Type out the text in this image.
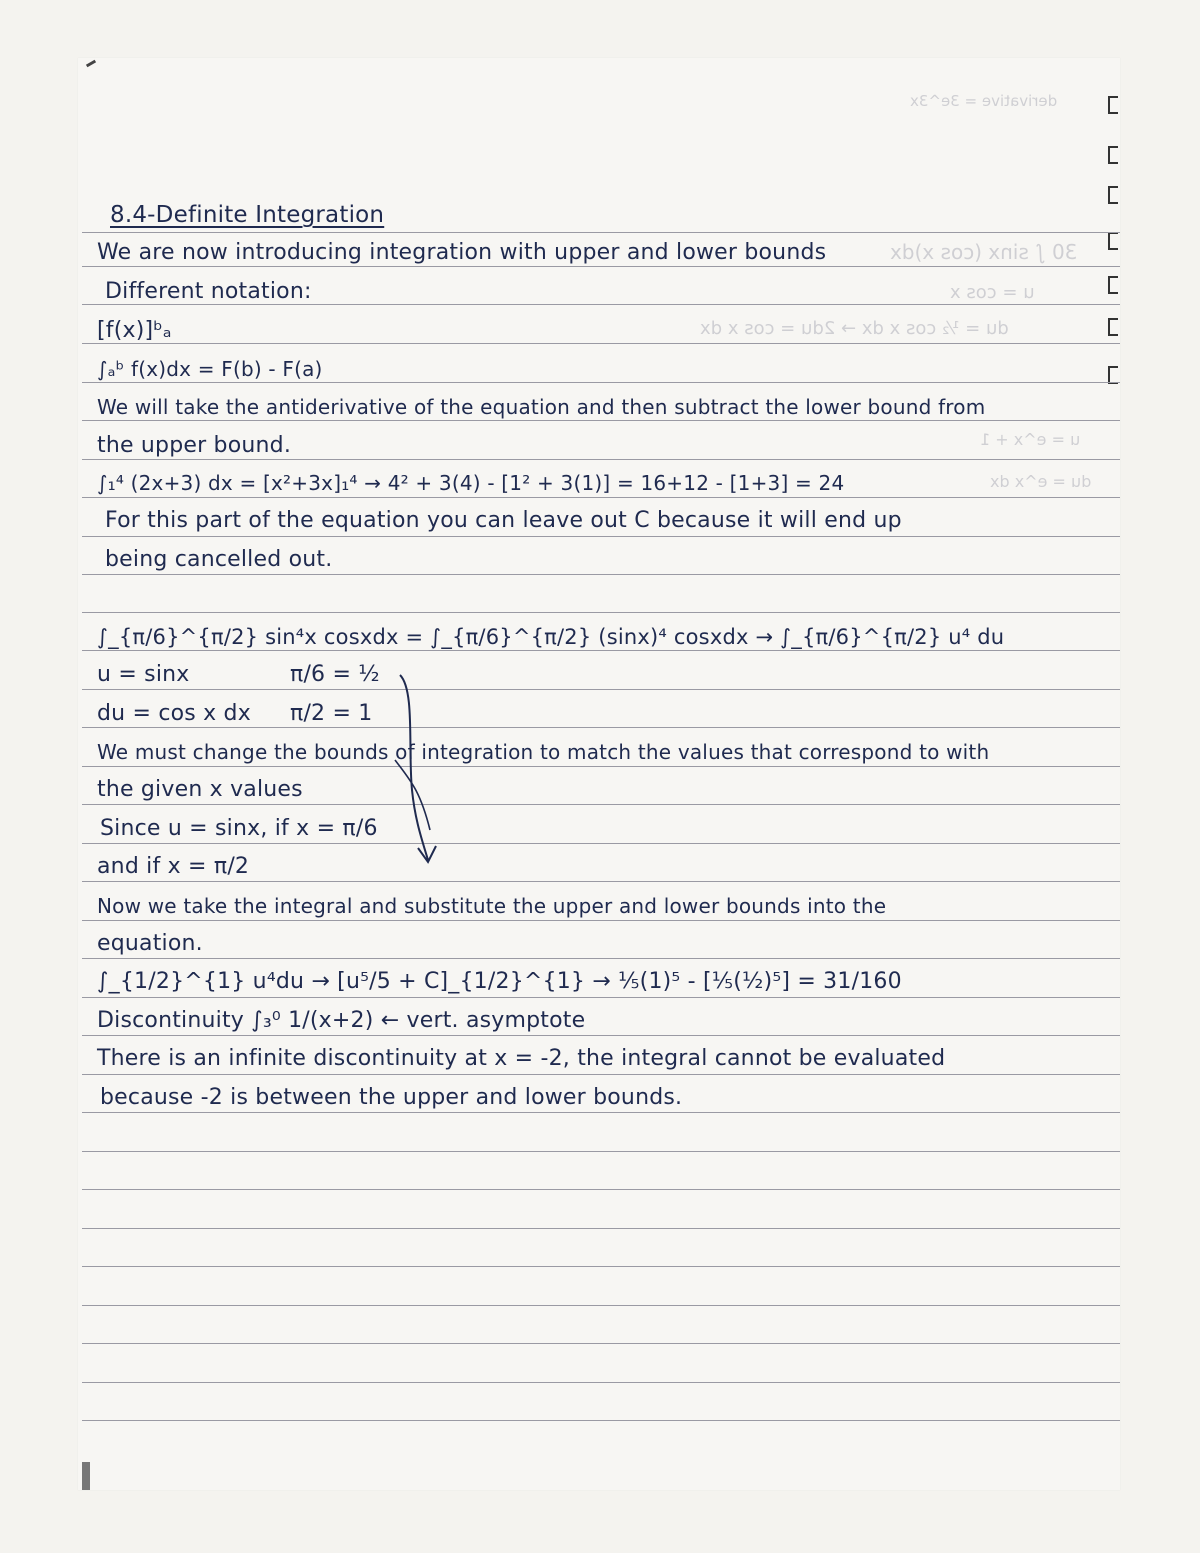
derivative = 3e^3x
30 ∫ sinx (cos x)dx
u = cos x
du = ½ cos x dx → 2du = cos x dx
u = e^x + 1
du = e^x dx
8.4-Definite Integration
We are now introducing integration with upper and lower bounds
Different notation:
[f(x)]ᵇₐ
∫ₐᵇ f(x)dx = F(b) - F(a)
We will take the antiderivative of the equation and then subtract the lower bound from
the upper bound.
∫₁⁴ (2x+3) dx = [x²+3x]₁⁴ → 4² + 3(4) - [1² + 3(1)] = 16+12 - [1+3] = 24
For this part of the equation you can leave out C because it will end up
being cancelled out.
∫_{π/6}^{π/2} sin⁴x cosxdx = ∫_{π/6}^{π/2} (sinx)⁴ cosxdx → ∫_{π/6}^{π/2} u⁴ du
u = sinx	π/6 = ½
du = cos x dx π/2 = 1
We must change the bounds of integration to match the values that correspond to with
the given x values
Since u = sinx, if x = π/6
and if x = π/2
Now we take the integral and substitute the upper and lower bounds into the
equation.
∫_{1/2}^{1} u⁴du → [u⁵/5 + C]_{1/2}^{1} → ⅕(1)⁵ - [⅕(½)⁵] = 31/160
Discontinuity ∫₃⁰ 1/(x+2) ← vert. asymptote
There is an infinite discontinuity at x = -2, the integral cannot be evaluated
because -2 is between the upper and lower bounds.
